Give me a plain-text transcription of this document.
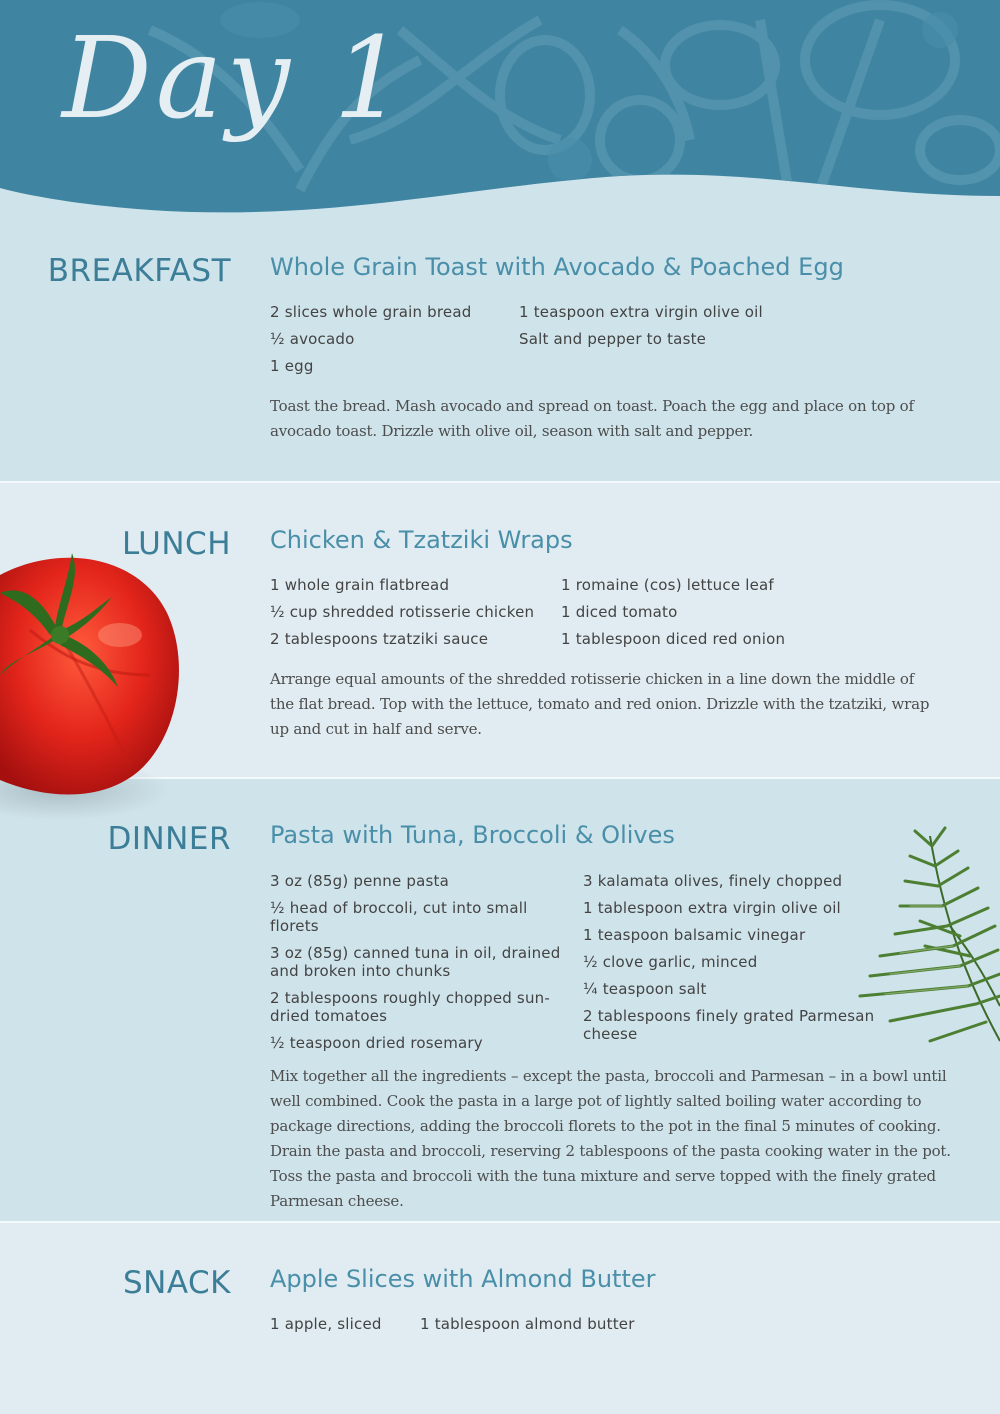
BREAKFAST Whole Grain Toast with Avocado & Poached Egg
2 slices whole grain bread
½ avocado
1 egg
1 teaspoon extra virgin olive oil
Salt and pepper to taste
Toast the bread. Mash avocado and spread on toast. Poach the egg and place on top of avocado toast. Drizzle with olive oil, season with salt and pepper.
Day 1
LUNCH Chicken & Tzatziki Wraps
1 whole grain flatbread
½ cup shredded rotisserie chicken
2 tablespoons tzatziki sauce
1 romaine (cos) lettuce leaf
1 diced tomato
1 tablespoon diced red onion
Arrange equal amounts of the shredded rotisserie chicken in a line down the middle of the flat bread. Top with the lettuce, tomato and red onion. Drizzle with the tzatziki, wrap up and cut in half and serve.
DINNER Pasta with Tuna, Broccoli & Olives
3 oz (85g) penne pasta
½ head of broccoli, cut into small florets
3 oz (85g) canned tuna in oil, drained and broken into chunks
2 tablespoons roughly chopped sun-dried tomatoes
½ teaspoon dried rosemary
3 kalamata olives, finely chopped
1 tablespoon extra virgin olive oil
1 teaspoon balsamic vinegar
½ clove garlic, minced
¼ teaspoon salt
2 tablespoons finely grated Parmesan cheese
Mix together all the ingredients – except the pasta, broccoli and Parmesan – in a bowl until well combined. Cook the pasta in a large pot of lightly salted boiling water according to package directions, adding the broccoli florets to the pot in the final 5 minutes of cooking. Drain the pasta and broccoli, reserving 2 tablespoons of the pasta cooking water in the pot. Toss the pasta and broccoli with the tuna mixture and serve topped with the finely grated Parmesan cheese.
SNACK Apple Slices with Almond Butter
1 apple, sliced	1 tablespoon almond butter
